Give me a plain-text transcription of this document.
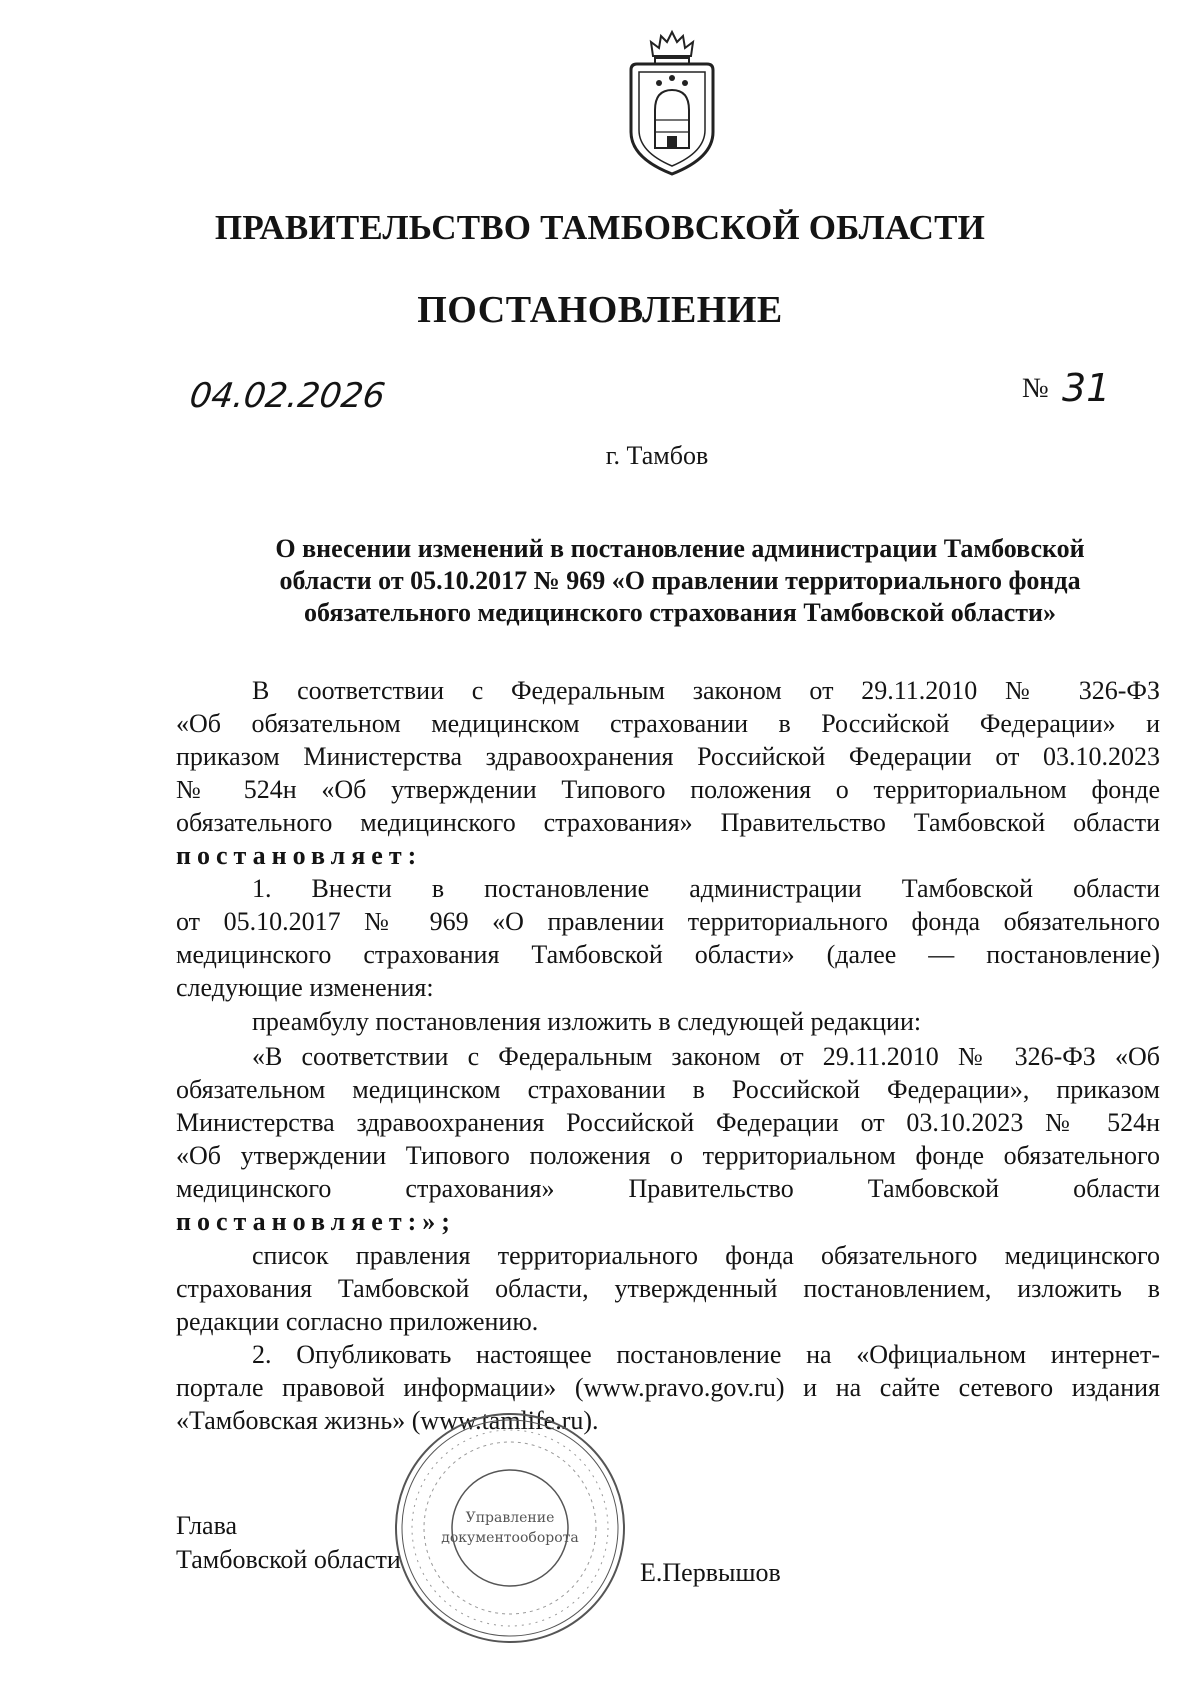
ПРАВИТЕЛЬСТВО ТАМБОВСКОЙ ОБЛАСТИ
ПОСТАНОВЛЕНИЕ
04.02.2026	№ 31
г. Тамбов
О внесении изменений в постановление администрации Тамбовской
области от 05.10.2017 № 969 «О правлении территориального фонда
обязательного медицинского страхования Тамбовской области»
В соответствии с Федеральным законом от 29.11.2010 № 326-ФЗ
«Об обязательном медицинском страховании в Российской Федерации» и
приказом Министерства здравоохранения Российской Федерации от 03.10.2023
№ 524н «Об утверждении Типового положения о территориальном фонде
обязательного медицинского страхования» Правительство Тамбовской области
постановляет:
1. Внести в постановление администрации Тамбовской области
от 05.10.2017 № 969 «О правлении территориального фонда обязательного
медицинского страхования Тамбовской области» (далее — постановление)
следующие изменения:
преамбулу постановления изложить в следующей редакции:
«В соответствии с Федеральным законом от 29.11.2010 № 326-ФЗ «Об
обязательном медицинском страховании в Российской Федерации», приказом
Министерства здравоохранения Российской Федерации от 03.10.2023 № 524н
«Об утверждении Типового положения о территориальном фонде обязательного
медицинского страхования» Правительство Тамбовской области
постановляет:»;
список правления территориального фонда обязательного медицинского
страхования Тамбовской области, утвержденный постановлением, изложить в
редакции согласно приложению.
2. Опубликовать настоящее постановление на «Официальном интернет-
портале правовой информации» (www.pravo.gov.ru) и на сайте сетевого издания
«Тамбовская жизнь» (www.tamlife.ru).
Глава
Тамбовской области	Е.Первышов
Управление
документооборота
